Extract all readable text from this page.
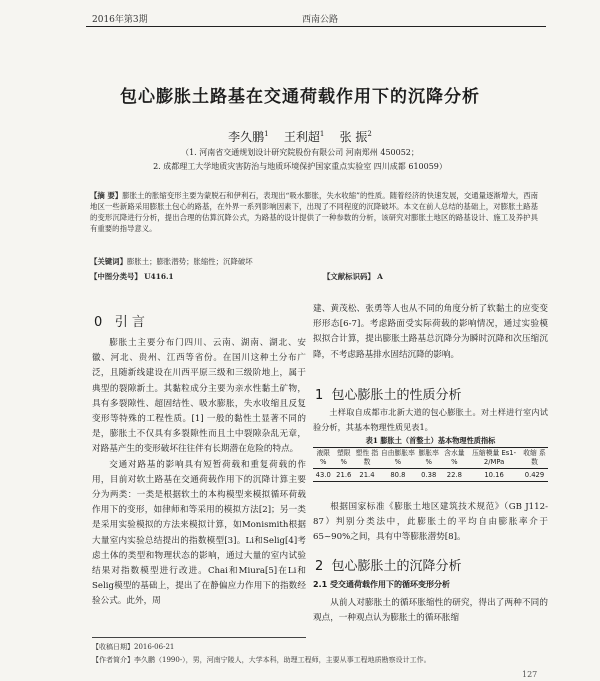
2016年第3期	西南公路
包心膨胀土路基在交通荷载作用下的沉降分析
李久鹏$^1$ 王利超$^1$ 张 振$^2$
（1. 河南省交通规划设计研究院股份有限公司 河南郑州 450052；
2. 成都理工大学地质灾害防治与地质环境保护国家重点实验室 四川成都 610059）
【摘 要】膨胀土的胀缩变形主要为蒙脱石和伊利石，表现出“吸水膨胀，失水收缩”的性质。随着经济的快速发展，交通量逐渐增大，西南地区一些新路采用膨胀土包心的路基，在外界一系列影响因素下，出现了不同程度的沉降破坏。本文在前人总结的基础上，对膨胀土路基的变形沉降进行分析，提出合理的估算沉降公式，为路基的设计提供了一种参数的分析，该研究对膨胀土地区的路基设计、施工及养护具有重要的指导意义。
【关键词】膨胀土；膨胀潜势；胀缩性；沉降破坏
【中图分类号】 U416.1	【文献标识码】 A
0 引 言

膨胀土主要分布门四川、云南、湖南、湖北、安徽、河北、贵州、江西等省份。在国川这种土分布广泛，且随新线建设在川西平原三级和三级阶地上，属于典型的裂隙新土。其黏粒成分主要为亲水性黏土矿物，具有多裂隙性、超固结性、吸水膨胀，失水收缩且反复变形等特殊的工程性质。[1] 一般的黏性土显著不同的是，膨胀土不仅具有多裂隙性而且土中裂隙杂乱无章，对路基产生的变形破坏往往伴有长期潜在危险的特点。

交通对路基的影响具有短暂荷载和重复荷载的作用，目前对软土路基在交通荷载作用下的沉降计算主要分为两类：一类是根据软土的本构模型来模拟循环荷载作用下的变形，如律师和等采用的模拟方法[2]；另一类是采用实验模拟的方法来模拟计算，如Monismith根据大量室内实验总结提出的指数模型[3]。Li和Selig[4]考虑土体的类型和物理状态的影响，通过大量的室内试验结果对指数模型进行改进。Chai和Miura[5]在Li和Selig模型的基础上，提出了在静偏应力作用下的指数经验公式。此外，周

建、黄茂松、张勇等人也从不同的角度分析了软黏土的应变变形形态[6-7]。考虑路面受实际荷载的影响情况，通过实验模拟拟合计算，提出膨胀土路基总沉降分为瞬时沉降和次压缩沉降，不考虑路基排水固结沉降的影响。

1 包心膨胀土的性质分析

土样取自成都市北新大道的包心膨胀土。对土样进行室内试验分析，其基本物理性质见表1。

表1 膨胀土（首整土）基本物理性质指标
液限 %	塑限 %	塑性 指数	自由膨胀率 %	膨胀率 %	含水量 %	压缩模量 Es1-2/MPa	收缩 系数
43.0	21.6	21.4	80.8	0.38	22.8	10.16	0.429

根据国家标准《膨胀土地区建筑技术规范》（GB J112-87）判别分类法中，此膨胀土的平均自由膨胀率介于65~90%之间，具有中等膨胀潜势[8]。

2 包心膨胀土的沉降分析
2.1 受交通荷载作用下的循环变形分析

从前人对膨胀土的循环胀缩性的研究，得出了两种不同的观点，一种观点认为膨胀土的循环胀缩

【收稿日期】2016-06-21
【作者简介】李久鹏（1990-），男，河南宁陵人，大学本科，助理工程师，主要从事工程地质勘察设计工作。
127
